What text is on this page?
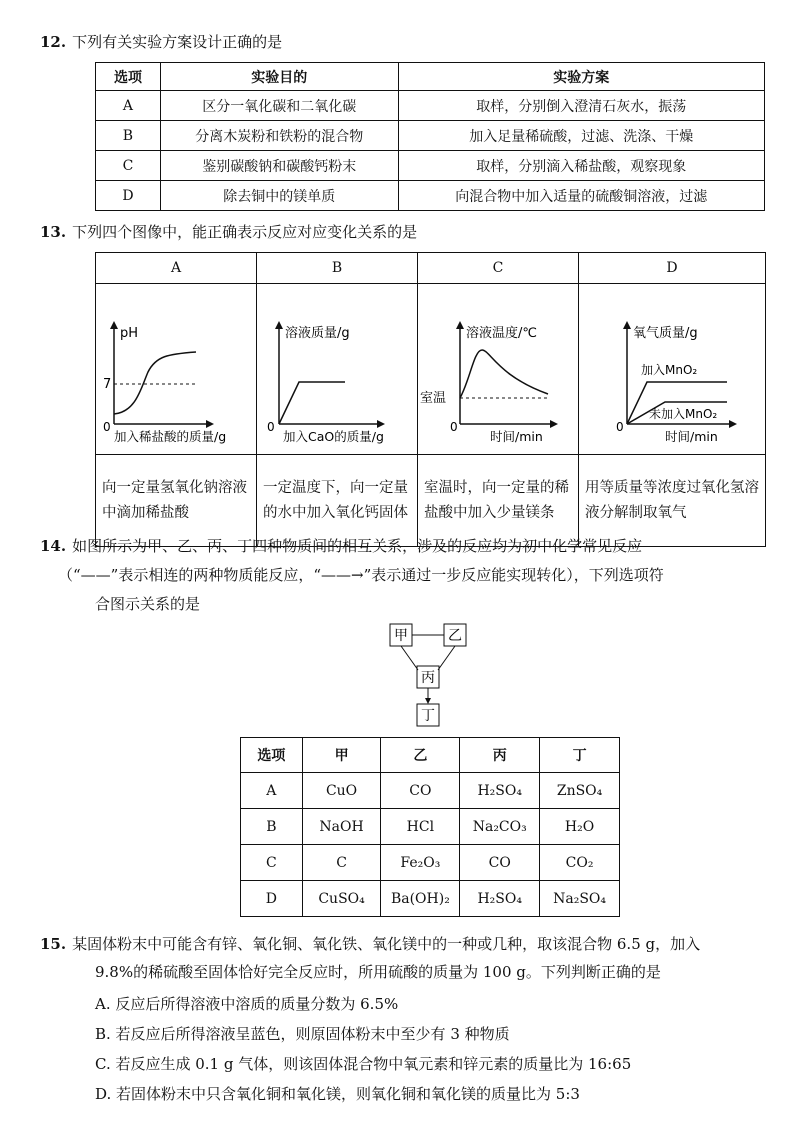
12. 下列有关实验方案设计正确的是
选项	实验目的	实验方案
A	区分一氧化碳和二氧化碳	取样，分别倒入澄清石灰水，振荡
B	分离木炭粉和铁粉的混合物	加入足量稀硫酸，过滤、洗涤、干燥
C	鉴别碳酸钠和碳酸钙粉末	取样，分别滴入稀盐酸，观察现象
D	除去铜中的镁单质	向混合物中加入适量的硫酸铜溶液，过滤
13. 下列四个图像中，能正确表示反应对应变化关系的是
A	B	C	D

pH
7
0
加入稀盐酸的质量/g	溶液质量/g
0
加入CaO的质量/g	溶液温度/℃
室温
0
时间/min	氧气质量/g
加入MnO₂
未加入MnO₂
0
时间/min

向一定量氢氧化钠溶液中滴加稀盐酸	一定温度下，向一定量的水中加入氧化钙固体	室温时，向一定量的稀盐酸中加入少量镁条	用等质量等浓度过氧化氢溶液分解制取氧气
14. 如图所示为甲、乙、丙、丁四种物质间的相互关系，涉及的反应均为初中化学常见反应
（“——”表示相连的两种物质能反应，“——→”表示通过一步反应能实现转化），下列选项符
合图示关系的是
甲	乙
丙
丁
选项	甲	乙	丙	丁
A	CuO	CO	H₂SO₄	ZnSO₄
B	NaOH	HCl	Na₂CO₃	H₂O
C	C	Fe₂O₃	CO	CO₂
D	CuSO₄	Ba(OH)₂	H₂SO₄	Na₂SO₄
15. 某固体粉末中可能含有锌、氧化铜、氧化铁、氧化镁中的一种或几种，取该混合物 6.5 g，加入
9.8%的稀硫酸至固体恰好完全反应时，所用硫酸的质量为 100 g。下列判断正确的是
A. 反应后所得溶液中溶质的质量分数为 6.5%
B. 若反应后所得溶液呈蓝色，则原固体粉末中至少有 3 种物质
C. 若反应生成 0.1 g 气体，则该固体混合物中氧元素和锌元素的质量比为 16:65
D. 若固体粉末中只含氧化铜和氧化镁，则氧化铜和氧化镁的质量比为 5:3
